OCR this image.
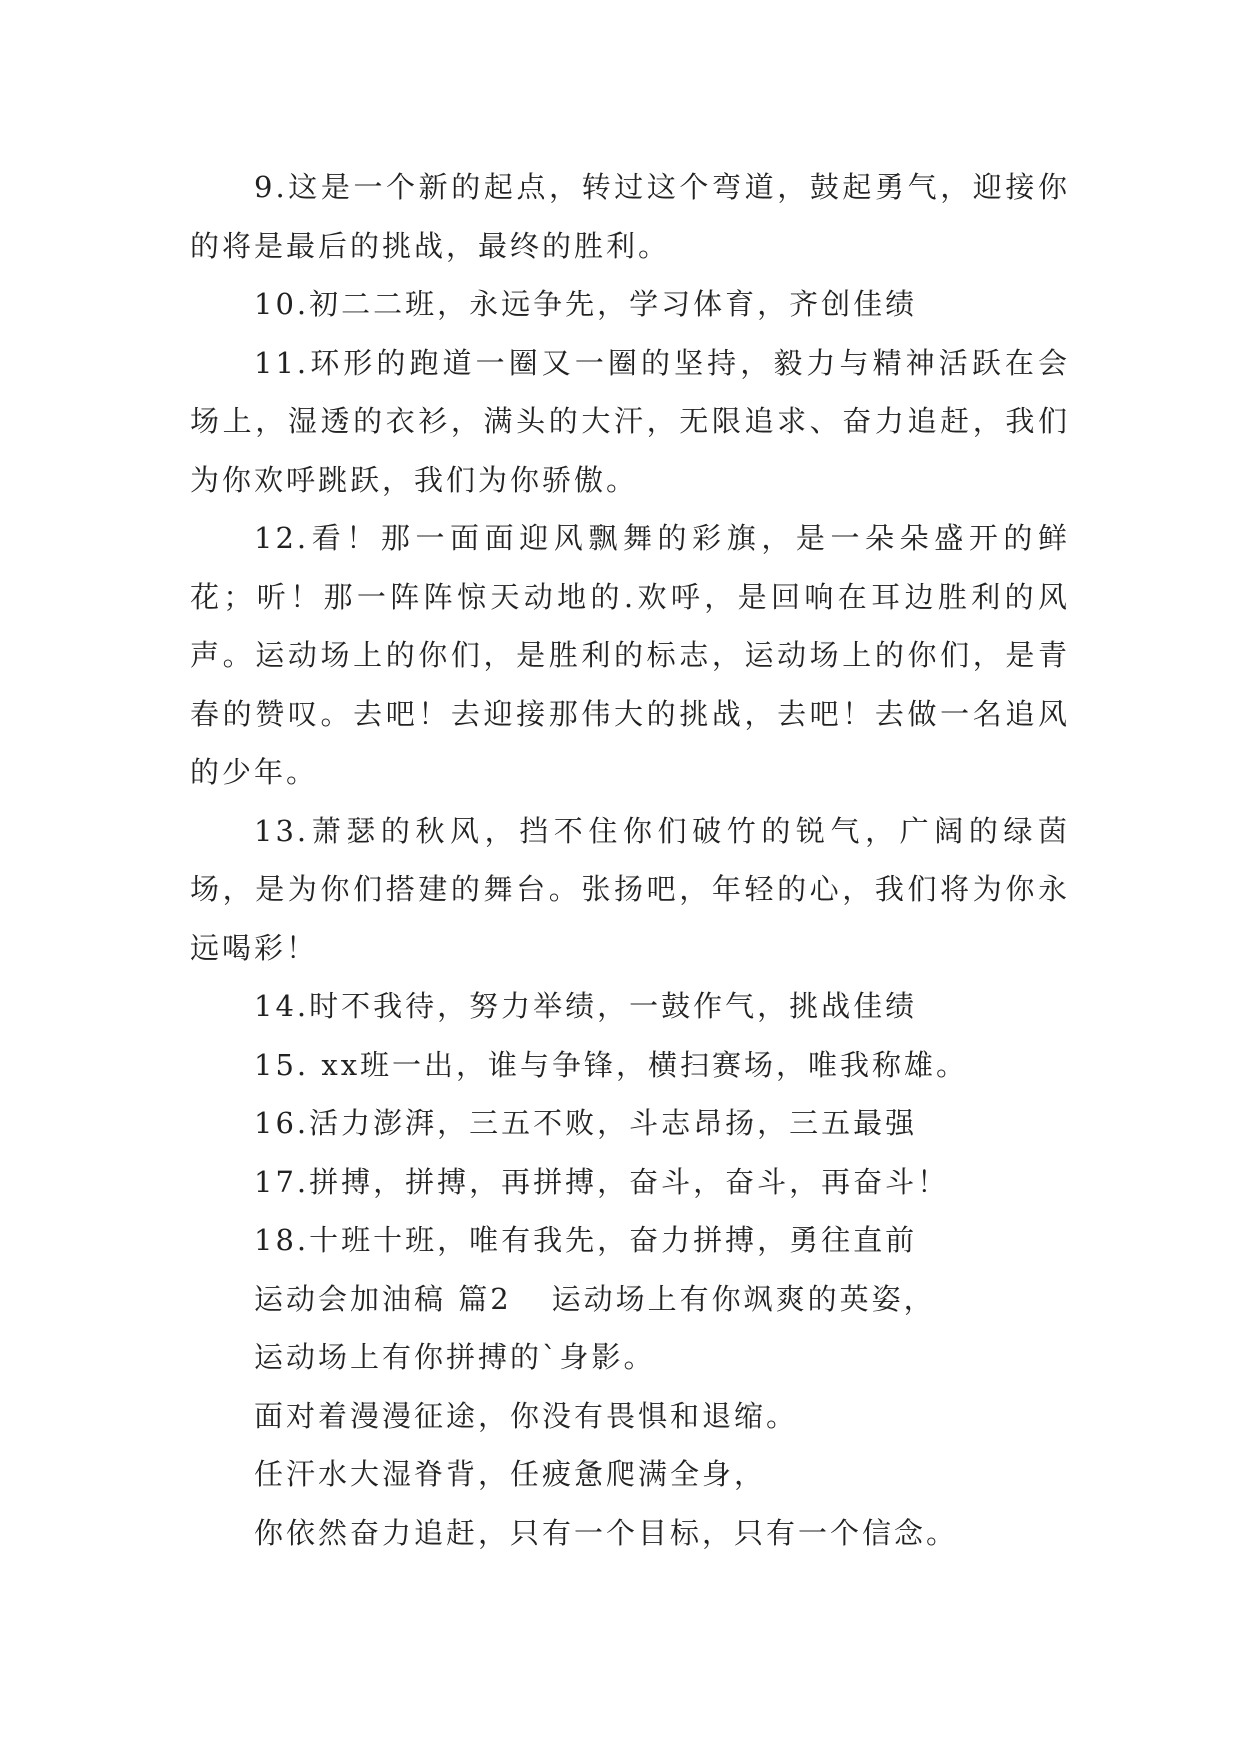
9.这是一个新的起点，转过这个弯道，鼓起勇气，迎接你的将是最后的挑战，最终的胜利。

10.初二二班，永远争先，学习体育，齐创佳绩

11.环形的跑道一圈又一圈的坚持，毅力与精神活跃在会场上，湿透的衣衫，满头的大汗，无限追求、奋力追赶，我们为你欢呼跳跃，我们为你骄傲。

12.看！那一面面迎风飘舞的彩旗，是一朵朵盛开的鲜花；听！那一阵阵惊天动地的.欢呼，是回响在耳边胜利的风声。运动场上的你们，是胜利的标志，运动场上的你们，是青春的赞叹。去吧！去迎接那伟大的挑战，去吧！去做一名追风的少年。

13.萧瑟的秋风，挡不住你们破竹的锐气，广阔的绿茵场，是为你们搭建的舞台。张扬吧，年轻的心，我们将为你永远喝彩！

14.时不我待，努力举绩，一鼓作气，挑战佳绩

15. xx班一出，谁与争锋，横扫赛场，唯我称雄。

16.活力澎湃，三五不败，斗志昂扬，三五最强

17.拼搏，拼搏，再拼搏，奋斗，奋斗，再奋斗！

18.十班十班，唯有我先，奋力拼搏，勇往直前

运动会加油稿 篇2 运动场上有你飒爽的英姿，

运动场上有你拼搏的`身影。

面对着漫漫征途，你没有畏惧和退缩。

任汗水大湿脊背，任疲惫爬满全身，

你依然奋力追赶，只有一个目标，只有一个信念。
